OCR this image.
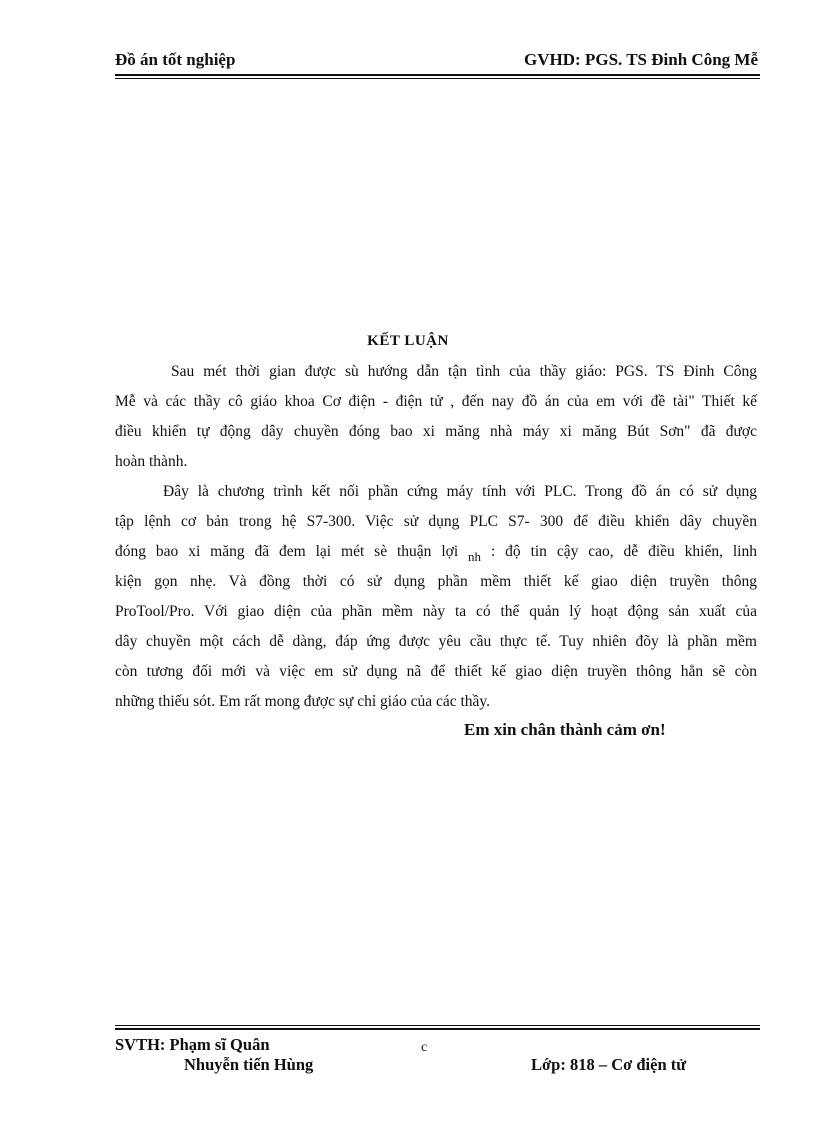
Đồ án tốt nghiệp	GVHD: PGS. TS Đinh Công Mễ
KẾT LUẬN

Sau mét thời gian được sù hướng dẫn tận tình của thầy giáo: PGS. TS Đinh Công

Mễ và các thầy cô giáo khoa Cơ điện - điện tử , đến nay đồ án của em với đề tài" Thiết kế

điều khiển tự động dây chuyền đóng bao xi măng nhà máy xi măng Bút Sơn" đã được

hoàn thành.

Đây là chương trình kết nối phần cứng máy tính với PLC. Trong đồ án có sử dụng

tập lệnh cơ bản trong hệ S7-300. Việc sử dụng PLC S7- 300 để điều khiển dây chuyền

đóng bao xi măng đã đem lại mét sè thuận lợi $_{nh}$ : độ tin cậy cao, dễ điều khiển, linh

kiện gọn nhẹ. Và đồng thời có sử dụng phần mềm thiết kế giao diện truyền thông

ProTool/Pro. Với giao diện của phần mềm này ta có thể quản lý hoạt động sản xuất của

dây chuyền một cách dễ dàng, đáp ứng được yêu cầu thực tế. Tuy nhiên đõy là phần mềm

còn tương đối mới và việc em sử dụng nã để thiết kế giao diện truyền thông hẳn sẽ còn

những thiếu sót. Em rất mong được sự chỉ giáo của các thầy.

Em xin chân thành cảm ơn!
SVTH: Phạm sĩ Quân
Nhuyễn tiến Hùng
c
Lớp: 818 – Cơ điện tử
